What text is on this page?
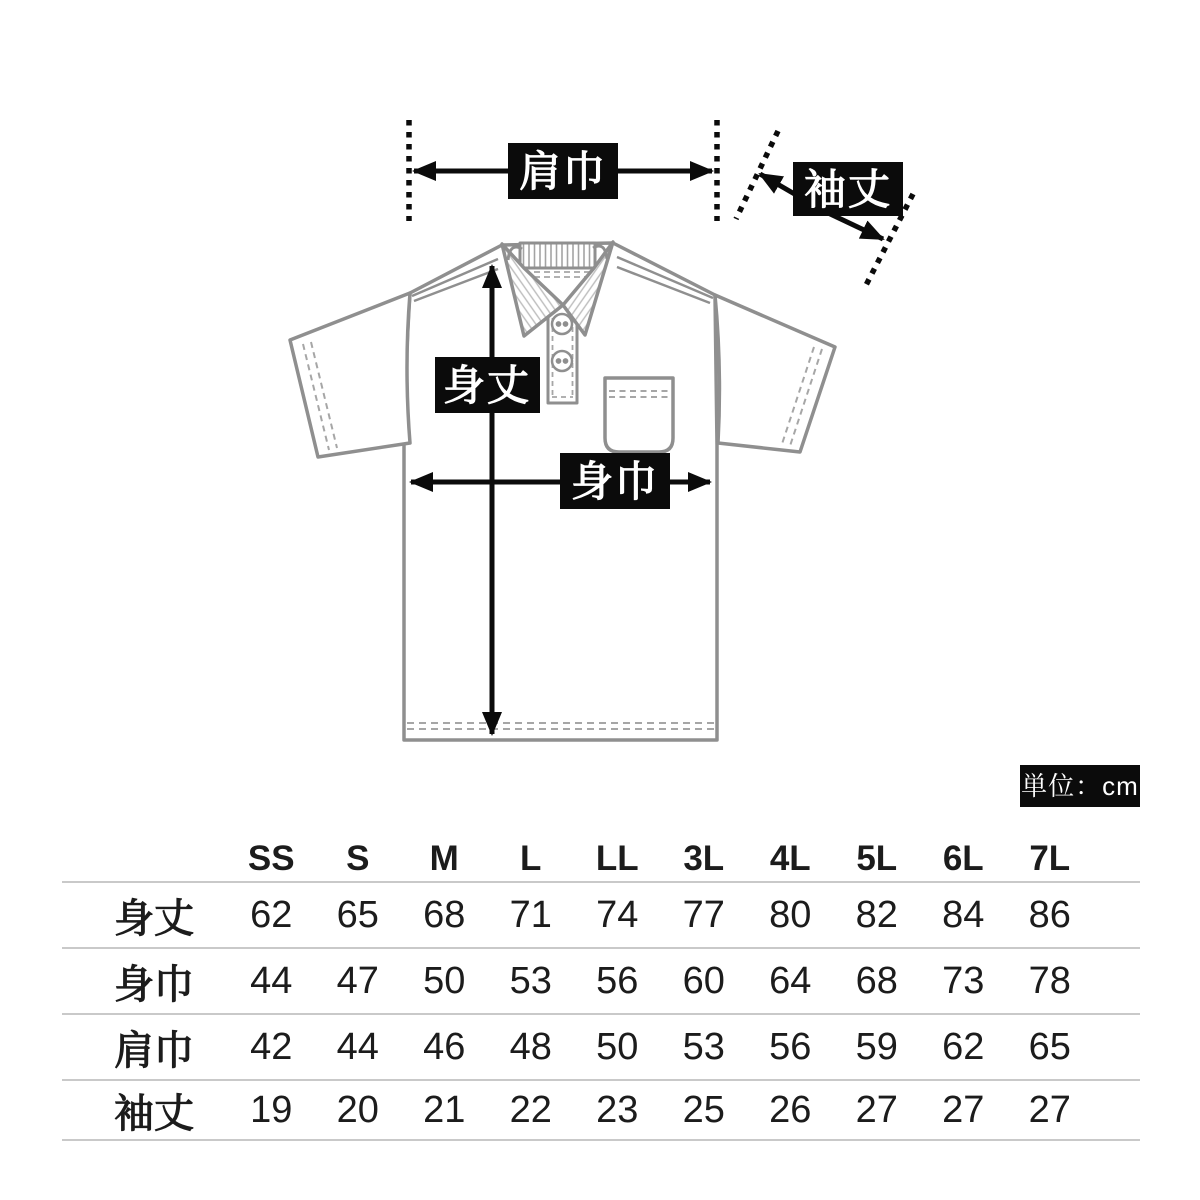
肩巾	袖丈
身丈
身巾
単位：cm
SS	S	M	L	LL	3L	4L	5L	6L	7L
身丈	62	65	68	71	74	77	80	82	84	86
身巾	44	47	50	53	56	60	64	68	73	78
肩巾	42	44	46	48	50	53	56	59	62	65
袖丈	19	20	21	22	23	25	26	27	27	27
